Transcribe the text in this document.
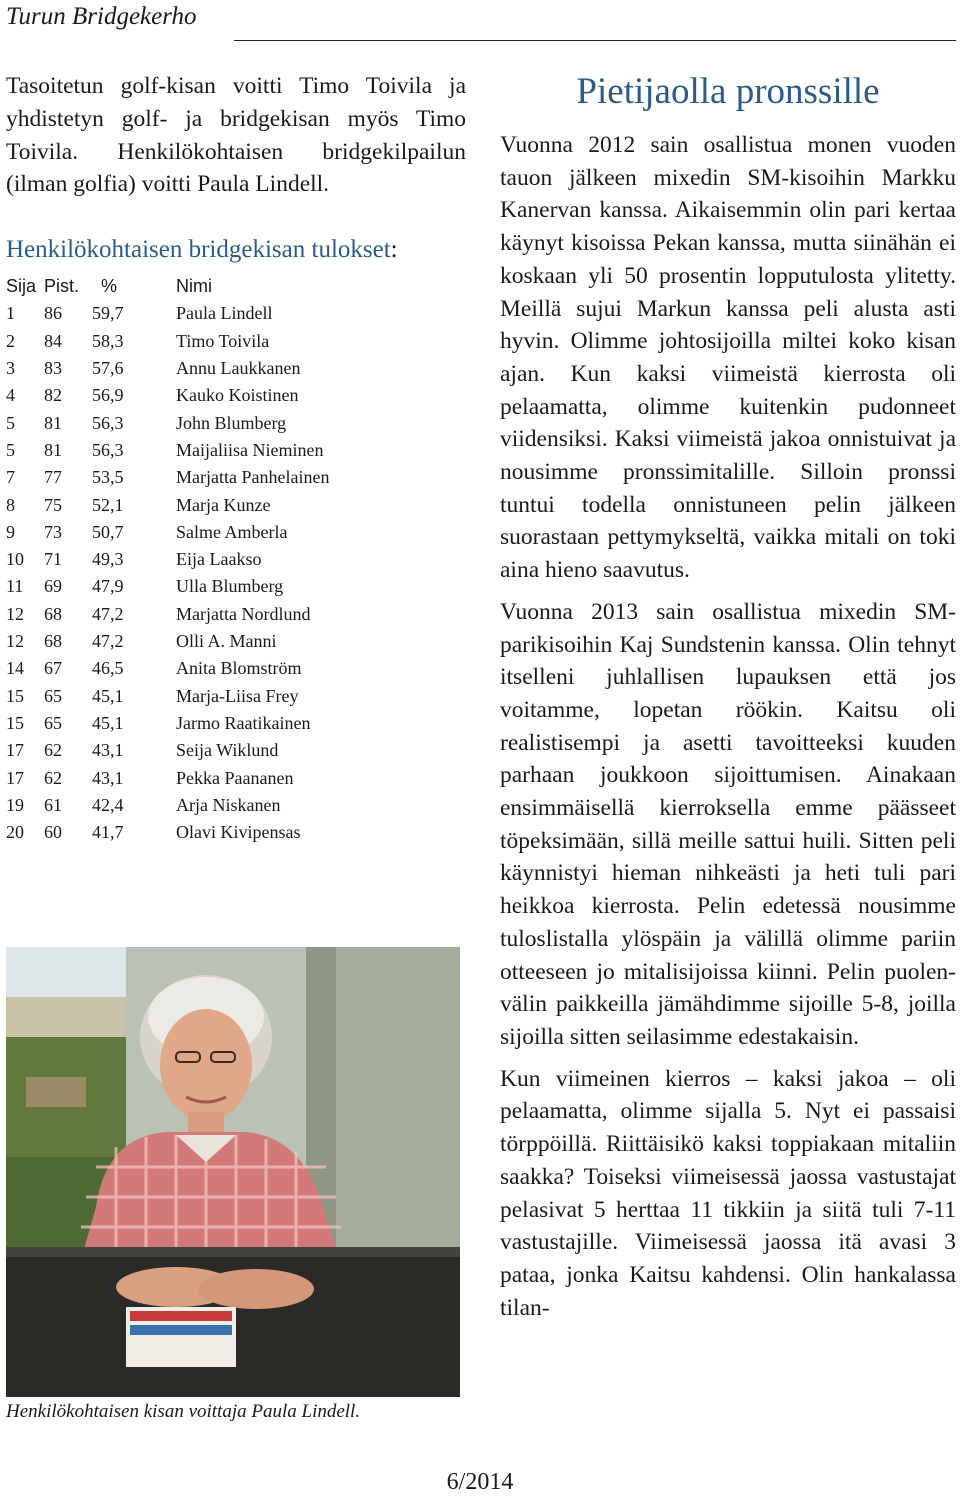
Turun Bridgekerho

Tasoitetun golf-kisan voitti Timo Toivila ja yhdistetyn golf- ja bridgekisan myös Timo Toivila. Henkilökohtaisen bridgekilpailun (ilman golfia) voitti Paula Lindell.

Henkilökohtaisen bridgekisan tulokset:
Sija Pist. %	Nimi
1 86 59,7	Paula Lindell
2 84 58,3	Timo Toivila
3 83 57,6	Annu Laukkanen
4 82 56,9	Kauko Koistinen
5 81 56,3	John Blumberg
5 81 56,3	Maijaliisa Nieminen
7 77 53,5	Marjatta Panhelainen
8 75 52,1	Marja Kunze
9 73 50,7	Salme Amberla
10 71 49,3	Eija Laakso
11 69 47,9	Ulla Blumberg
12 68 47,2	Marjatta Nordlund
12 68 47,2	Olli A. Manni
14 67 46,5	Anita Blomström
15 65 45,1	Marja-Liisa Frey
15 65 45,1	Jarmo Raatikainen
17 62 43,1	Seija Wiklund
17 62 43,1	Pekka Paananen
19 61 42,4	Arja Niskanen
20 60 41,7	Olavi Kivipensas
Henkilökohtaisen kisan voittaja Paula Lindell.
Pietijaolla pronssille

Vuonna 2012 sain osallistua monen vuoden tauon jälkeen mixedin SM-kisoihin Markku Kanervan kanssa. Aikaisemmin olin pari kertaa käynyt kisoissa Pekan kanssa, mutta siinähän ei koskaan yli 50 prosentin lopputulosta ylitetty. Meillä sujui Markun kanssa peli alusta asti hyvin. Olimme johtosijoilla miltei koko kisan ajan. Kun kaksi viimeistä kierrosta oli pelaamatta, olimme kuitenkin pudonneet viidensiksi. Kaksi viimeistä jakoa onnistuivat ja nousimme pronssimitalille. Silloin pronssi tuntui todella onnistuneen pelin jälkeen suorastaan pettymykseltä, vaikka mitali on toki aina hieno saavutus.

Vuonna 2013 sain osallistua mixedin SM-parikisoihin Kaj Sundstenin kanssa. Olin tehnyt itselleni juhlallisen lupauksen että jos voitamme, lopetan röökin. Kaitsu oli realistisempi ja asetti tavoitteeksi kuuden parhaan joukkoon sijoittumisen. Ainakaan ensimmäisellä kierroksella emme päässeet töpeksimään, sillä meille sattui huili. Sitten peli käynnistyi hieman nihkeästi ja heti tuli pari heikkoa kierrosta. Pelin edetessä nousimme tuloslistalla ylöspäin ja välillä olimme pariin otteeseen jo mitalisijoissa kiinni. Pelin puolenvälin paikkeilla jämähdimme sijoille 5-8, joilla sijoilla sitten seilasimme edestakaisin.

Kun viimeinen kierros – kaksi jakoa – oli pelaamatta, olimme sijalla 5. Nyt ei passaisi törppöillä. Riittäisikö kaksi toppiakaan mitaliin saakka? Toiseksi viimeisessä jaossa vastustajat pelasivat 5 herttaa 11 tikkiin ja siitä tuli 7-11 vastustajille. Viimeisessä jaossa itä avasi 3 pataa, jonka Kaitsu kahdensi. Olin hankalassa tilan-

6/2014
